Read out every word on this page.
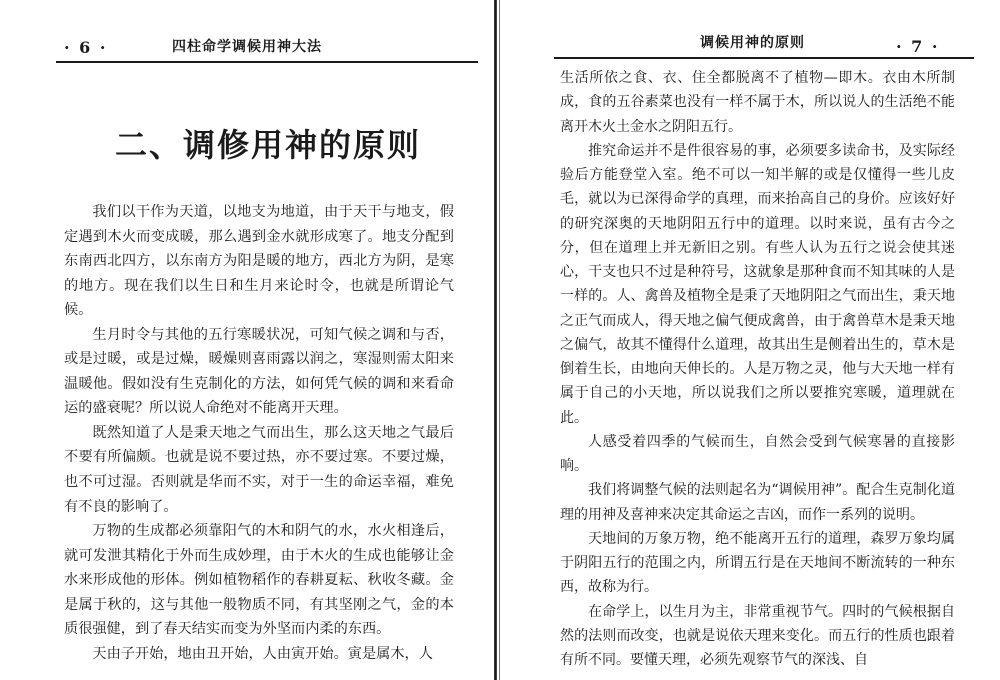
· 6 ·	四柱命学调候用神大法
二、调修用神的原则

我们以干作为天道，以地支为地道，由于天干与地支，假定遇到木火而变成暖，那么遇到金水就形成寒了。地支分配到东南西北四方，以东南方为阳是暖的地方，西北方为阴，是寒的地方。现在我们以生日和生月来论时令，也就是所谓论气候。

生月时令与其他的五行寒暖状况，可知气候之调和与否，或是过暖，或是过燥，暖燥则喜雨露以润之，寒湿则需太阳来温暖他。假如没有生克制化的方法，如何凭气候的调和来看命运的盛衰呢？所以说人命绝对不能离开天理。

既然知道了人是秉天地之气而出生，那么这天地之气最后不要有所偏颇。也就是说不要过热，亦不要过寒。不要过燥，也不可过湿。否则就是华而不实，对于一生的命运幸福，难免有不良的影响了。

万物的生成都必须靠阳气的木和阴气的水，水火相逢后，就可发泄其精化于外而生成妙理，由于木火的生成也能够让金水来形成他的形体。例如植物稻作的春耕夏耘、秋收冬藏。金是属于秋的，这与其他一般物质不同，有其坚刚之气，金的本质很强健，到了春天结实而变为外坚而内柔的东西。

天由子开始，地由丑开始，人由寅开始。寅是属木，人

调候用神的原则	· 7 ·

生活所依之食、衣、住全都脱离不了植物—即木。衣由木所制成，食的五谷素菜也没有一样不属于木，所以说人的生活绝不能离开木火土金水之阴阳五行。

推究命运并不是件很容易的事，必须要多读命书，及实际经验后方能登堂入室。绝不可以一知半解的或是仅懂得一些儿皮毛，就以为已深得命学的真理，而来抬高自己的身价。应该好好的研究深奥的天地阴阳五行中的道理。以时来说，虽有古今之分，但在道理上并无新旧之别。有些人认为五行之说会使其迷心，干支也只不过是种符号，这就象是那种食而不知其味的人是一样的。人、禽兽及植物全是秉了天地阴阳之气而出生，秉天地之正气而成人，得天地之偏气便成禽兽，由于禽兽草木是秉天地之偏气，故其不懂得什么道理，故其出生是侧着出生的，草木是倒着生长，由地向天伸长的。人是万物之灵，他与大天地一样有属于自己的小天地，所以说我们之所以要推究寒暖，道理就在此。

人感受着四季的气候而生，自然会受到气候寒暑的直接影响。

我们将调整气候的法则起名为“调候用神”。配合生克制化道理的用神及喜神来决定其命运之吉凶，而作一系列的说明。

天地间的万象万物，绝不能离开五行的道理，森罗万象均属于阴阳五行的范围之内，所谓五行是在天地间不断流转的一种东西，故称为行。

在命学上，以生月为主，非常重视节气。四时的气候根据自然的法则而改变，也就是说依天理来变化。而五行的性质也跟着有所不同。要懂天理，必须先观察节气的深浅、自
